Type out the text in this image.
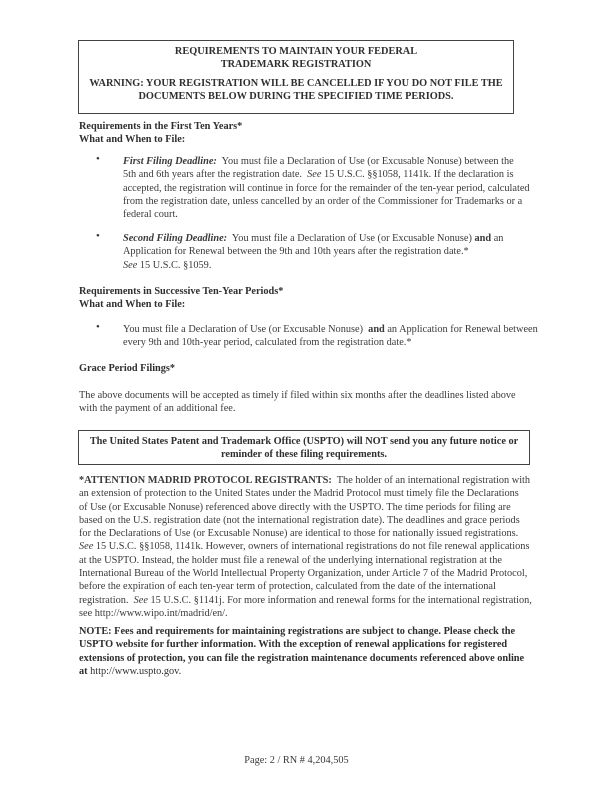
REQUIREMENTS TO MAINTAIN YOUR FEDERAL
TRADEMARK REGISTRATION
WARNING: YOUR REGISTRATION WILL BE CANCELLED IF YOU DO NOT FILE THE
DOCUMENTS BELOW DURING THE SPECIFIED TIME PERIODS.
Requirements in the First Ten Years*
What and When to File:
• First Filing Deadline: You must file a Declaration of Use (or Excusable Nonuse) between the
5th and 6th years after the registration date. See 15 U.S.C. §§1058, 1141k. If the declaration is
accepted, the registration will continue in force for the remainder of the ten-year period, calculated
from the registration date, unless cancelled by an order of the Commissioner for Trademarks or a
federal court.
• Second Filing Deadline: You must file a Declaration of Use (or Excusable Nonuse) and an
Application for Renewal between the 9th and 10th years after the registration date.*
See 15 U.S.C. §1059.
Requirements in Successive Ten-Year Periods*
What and When to File:
• You must file a Declaration of Use (or Excusable Nonuse) and an Application for Renewal between
every 9th and 10th-year period, calculated from the registration date.*
Grace Period Filings*
The above documents will be accepted as timely if filed within six months after the deadlines listed above
with the payment of an additional fee.
The United States Patent and Trademark Office (USPTO) will NOT send you any future notice or
reminder of these filing requirements.
*ATTENTION MADRID PROTOCOL REGISTRANTS: The holder of an international registration with
an extension of protection to the United States under the Madrid Protocol must timely file the Declarations
of Use (or Excusable Nonuse) referenced above directly with the USPTO. The time periods for filing are
based on the U.S. registration date (not the international registration date). The deadlines and grace periods
for the Declarations of Use (or Excusable Nonuse) are identical to those for nationally issued registrations.
See 15 U.S.C. §§1058, 1141k. However, owners of international registrations do not file renewal applications
at the USPTO. Instead, the holder must file a renewal of the underlying international registration at the
International Bureau of the World Intellectual Property Organization, under Article 7 of the Madrid Protocol,
before the expiration of each ten-year term of protection, calculated from the date of the international
registration. See 15 U.S.C. §1141j. For more information and renewal forms for the international registration,
see http://www.wipo.int/madrid/en/.
NOTE: Fees and requirements for maintaining registrations are subject to change. Please check the
USPTO website for further information. With the exception of renewal applications for registered
extensions of protection, you can file the registration maintenance documents referenced above online
at http://www.uspto.gov.
Page: 2 / RN # 4,204,505
